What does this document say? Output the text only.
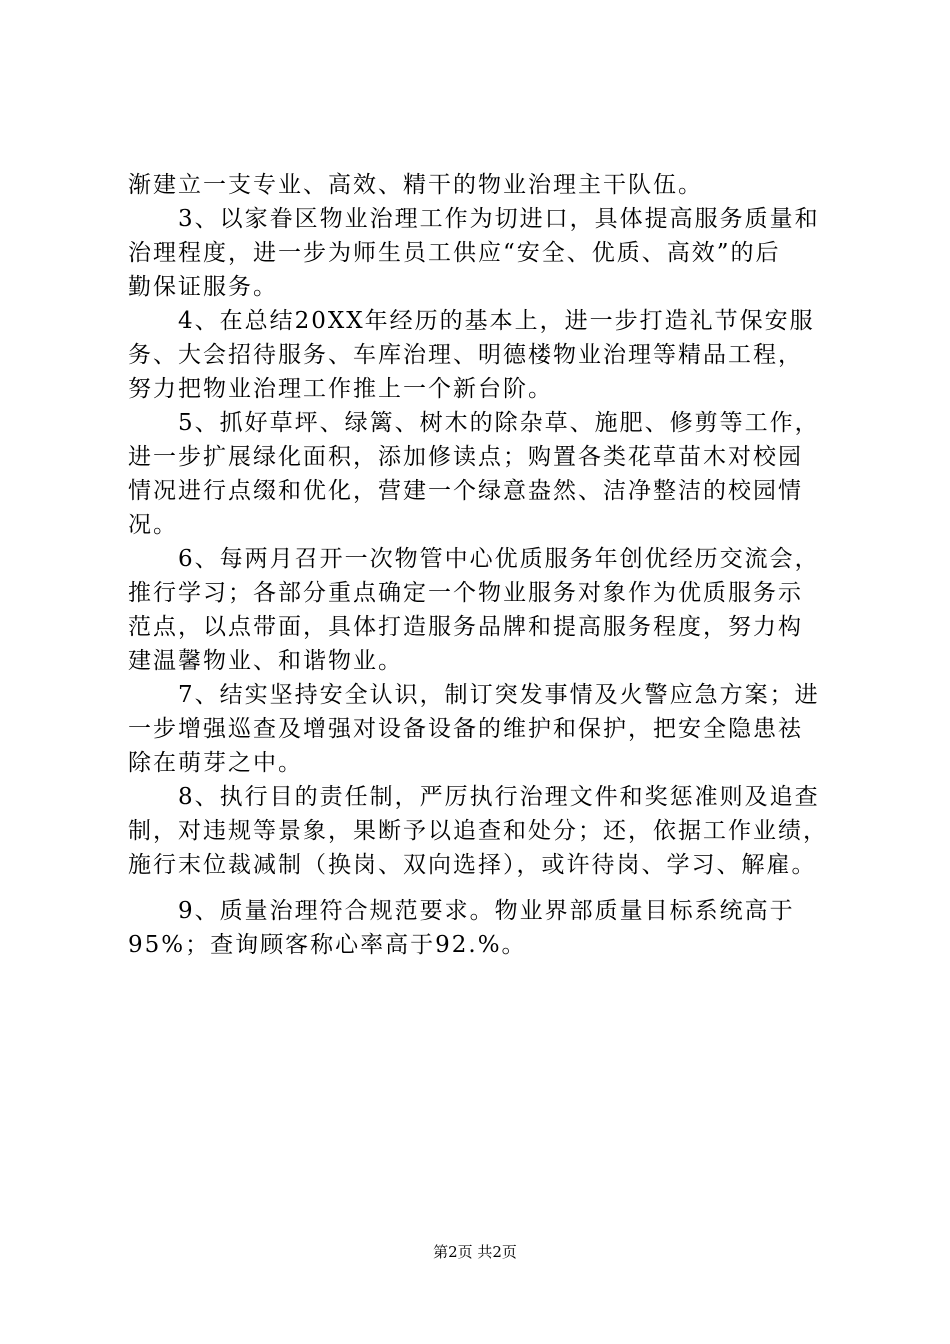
渐建立一支专业、高效、精干的物业治理主干队伍。
　　3、以家眷区物业治理工作为切进口，具体提高服务质量和
治理程度，进一步为师生员工供应“安全、优质、高效”的后
勤保证服务。
　　4、在总结20XX年经历的基本上，进一步打造礼节保安服
务、大会招待服务、车库治理、明德楼物业治理等精品工程，
努力把物业治理工作推上一个新台阶。
　　5、抓好草坪、绿篱、树木的除杂草、施肥、修剪等工作，
进一步扩展绿化面积，添加修读点；购置各类花草苗木对校园
情况进行点缀和优化，营建一个绿意盎然、洁净整洁的校园情
况。
　　6、每两月召开一次物管中心优质服务年创优经历交流会，
推行学习；各部分重点确定一个物业服务对象作为优质服务示
范点，以点带面，具体打造服务品牌和提高服务程度，努力构
建温馨物业、和谐物业。
　　7、结实坚持安全认识，制订突发事情及火警应急方案；进
一步增强巡查及增强对设备设备的维护和保护，把安全隐患祛
除在萌芽之中。
　　8、执行目的责任制，严厉执行治理文件和奖惩准则及追查
制，对违规等景象，果断予以追查和处分；还，依据工作业绩，
施行末位裁减制（换岗、双向选择），或许待岗、学习、解雇。
　　9、质量治理符合规范要求。物业界部质量目标系统高于
95%；查询顾客称心率高于92.%。
第2页 共2页
